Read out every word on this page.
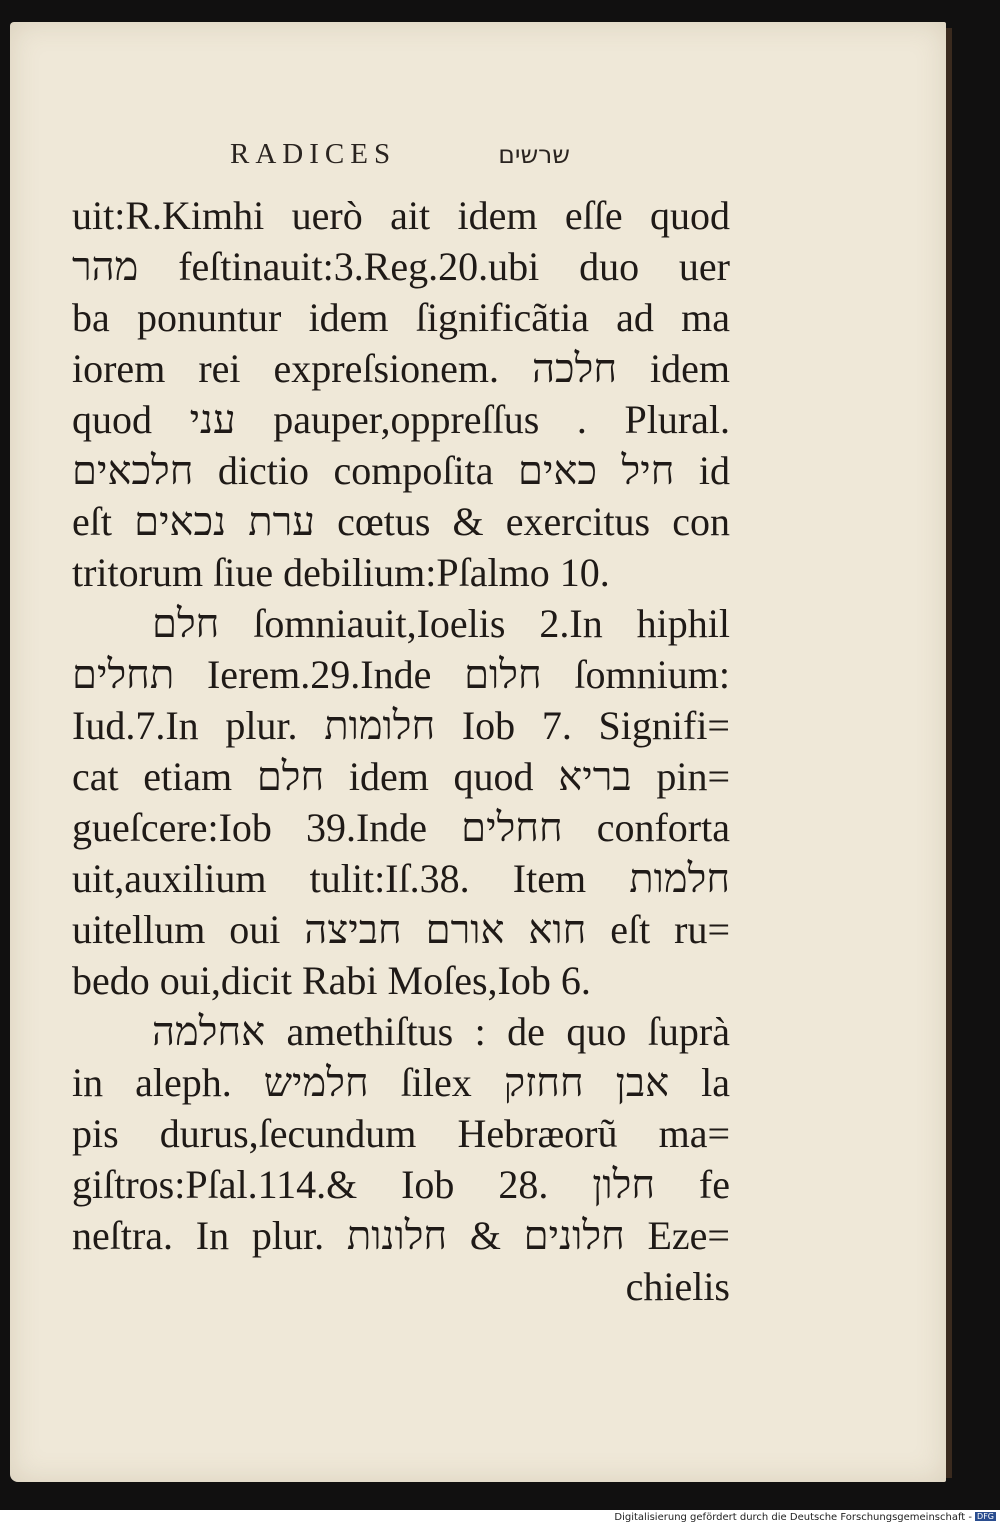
RADICES	שרשים
uit:R.Kimhi uerò ait idem eſſe quod
מהר feſtinauit:3.Reg.20.ubi duo uer
ba ponuntur idem ſignificãtia ad ma
iorem rei expreſsionem. חלכה idem
quod עני pauper,oppreſſus . Plural.
חלכאים dictio compoſita חיל כאים id
eſt ערת נכאים cœtus & exercitus con
tritorum ſiue debilium:Pſalmo 10.
חלם ſomniauit,Ioelis 2.In hiphil
תחלים Ierem.29.Inde חלום ſomnium:
Iud.7.In plur. חלומות Iob 7. Signifi=
cat etiam חלם idem quod בריא pin=
gueſcere:Iob 39.Inde חחלים conforta
uit,auxilium tulit:Iſ.38. Item חלמות
uitellum oui חוא אורם חביצה eſt ru=
bedo oui,dicit Rabi Moſes,Iob 6.
אחלמה amethiſtus : de quo ſuprà
in aleph. חלמיש ſilex אבן חחזק la
pis durus,ſecundum Hebræorũ ma=
giſtros:Pſal.114.& Iob 28. חלון fe
neſtra. In plur. חלונים & חלונות Eze=
chielis
Digitalisierung gefördert durch die Deutsche Forschungsgemeinschaft - DFG
